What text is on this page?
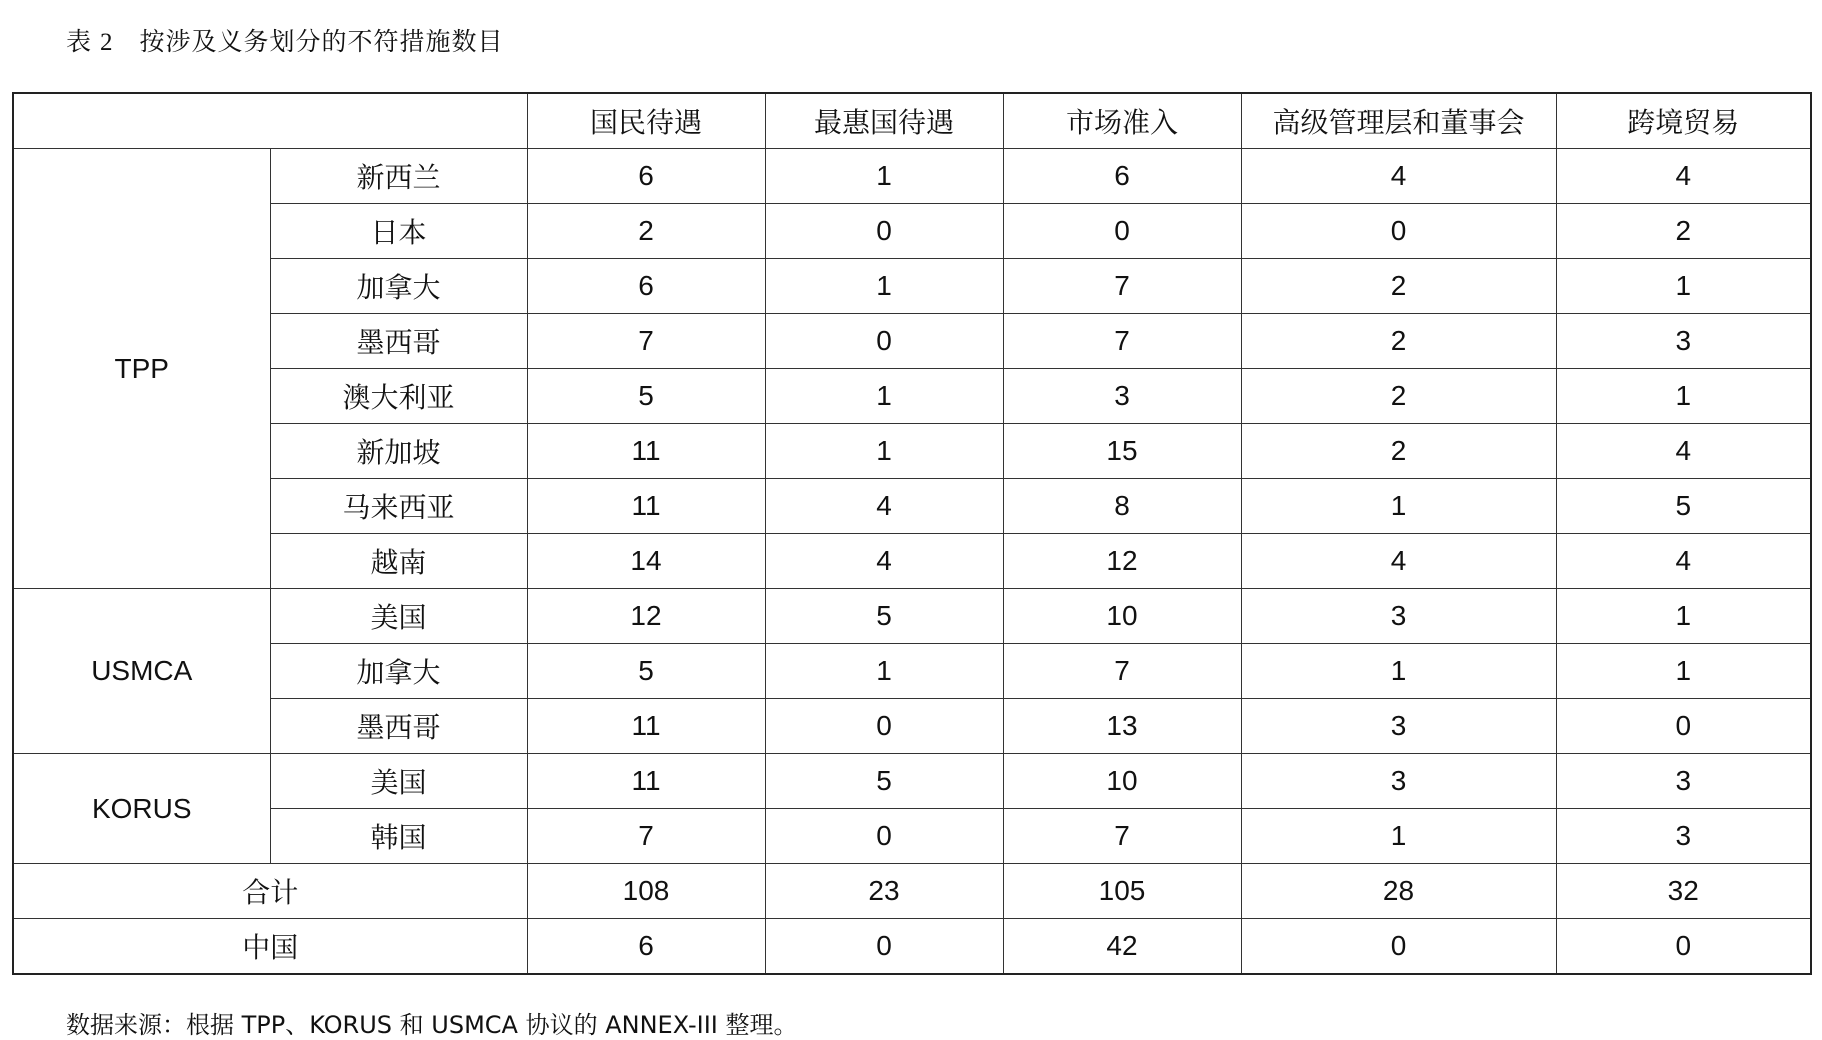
表 2 按涉及义务划分的不符措施数目
		国民待遇	最惠国待遇	市场准入	高级管理层和董事会	跨境贸易
TPP	新西兰	6	1	6	4	4
	日本	2	0	0	0	2
	加拿大	6	1	7	2	1
	墨西哥	7	0	7	2	3
	澳大利亚	5	1	3	2	1
	新加坡	11	1	15	2	4
	马来西亚	11	4	8	1	5
	越南	14	4	12	4	4
USMCA	美国	12	5	10	3	1
	加拿大	5	1	7	1	1
	墨西哥	11	0	13	3	0
KORUS	美国	11	5	10	3	3
	韩国	7	0	7	1	3
合计		108	23	105	28	32
中国		6	0	42	0	0
数据来源：根据 TPP、KORUS 和 USMCA 协议的 ANNEX-III 整理。
